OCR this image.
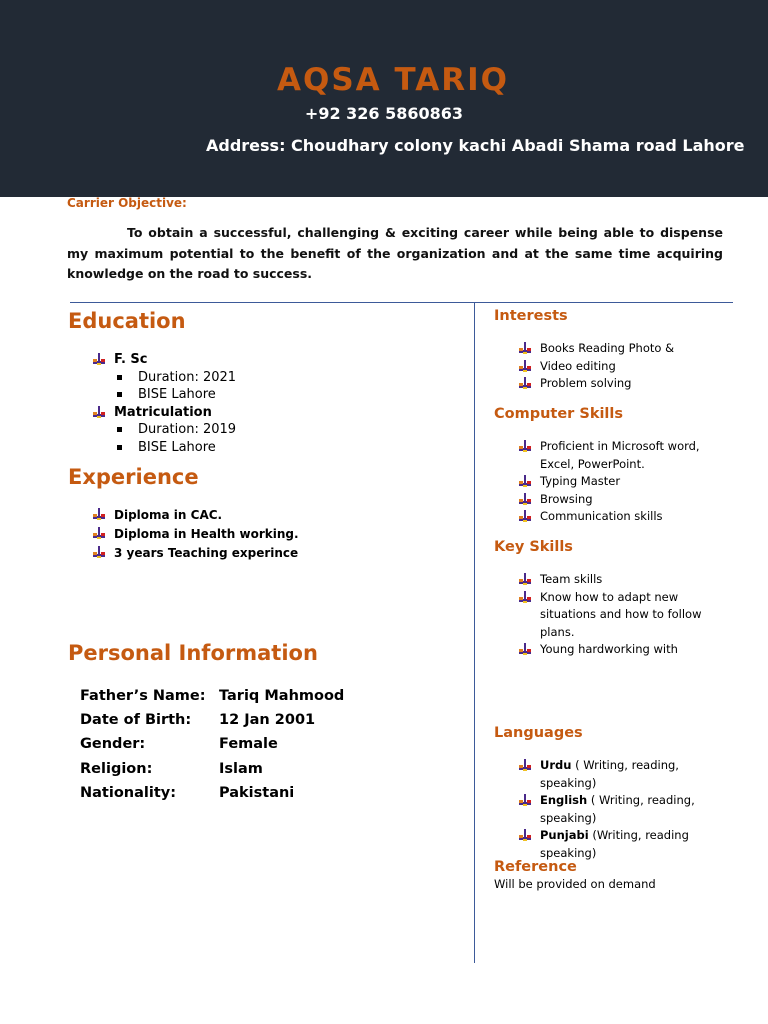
AQSA TARIQ
+92 326 5860863
Address: Choudhary colony kachi Abadi Shama road Lahore
Carrier Objective:

To obtain a successful, challenging & exciting career while being able to dispense my maximum potential to the benefit of the organization and at the same time acquiring knowledge on the road to success.

Education
F. Sc
Duration: 2021
BISE Lahore
Matriculation
Duration: 2019
BISE Lahore
Experience
Diploma in CAC.
Diploma in Health working.
3 years Teaching experince
Personal Information
Father’s Name:	Tariq Mahmood
Date of Birth:	12 Jan 2001
Gender:	Female
Religion:	Islam
Nationality:	Pakistani
Interests
Books Reading Photo &
Video editing
Problem solving
Computer Skills
Proficient in Microsoft word, Excel, PowerPoint.
Typing Master
Browsing
Communication skills
Key Skills
Team skills
Know how to adapt new situations and how to follow plans.
Young hardworking with
Languages
Urdu ( Writing, reading, speaking)
English ( Writing, reading, speaking)
Punjabi (Writing, reading speaking)
Reference
Will be provided on demand
